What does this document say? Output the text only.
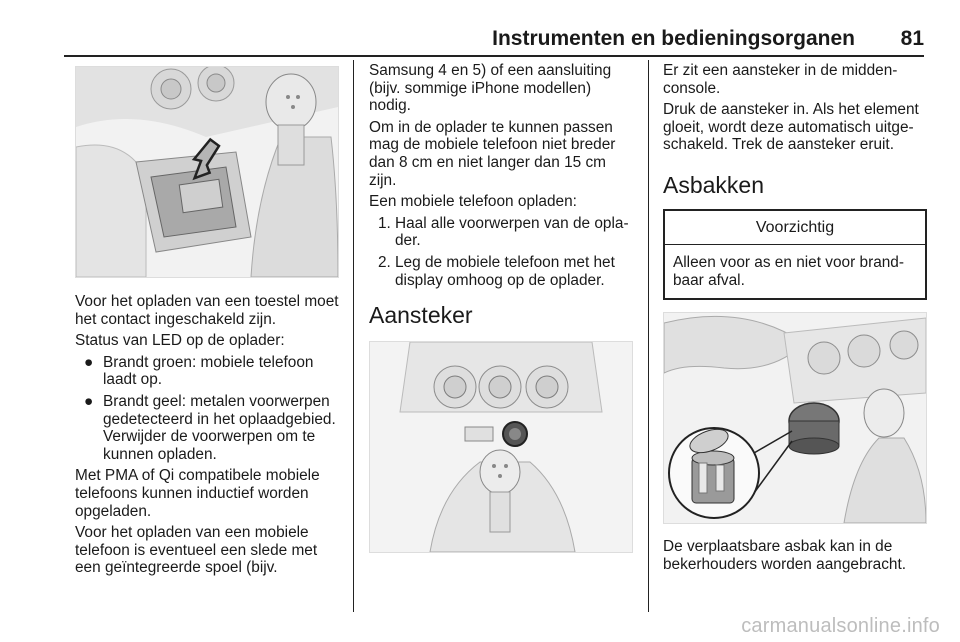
Instrumenten en bedieningsorganen 81

Voor het opladen van een toestel moet het contact ingeschakeld zijn.

Status van LED op de oplader:

● Brandt groen: mobiele telefoon laadt op.
● Brandt geel: metalen voorwerpen gedetecteerd in het oplaadgebied. Verwijder de voorwerpen om te kunnen opladen.

Met PMA of Qi compatibele mobiele telefoons kunnen inductief worden opgeladen.

Voor het opladen van een mobiele telefoon is eventueel een slede met een geïntegreerde spoel (bijv.

Samsung 4 en 5) of een aansluiting (bijv. sommige iPhone modellen) nodig.

Om in de oplader te kunnen passen mag de mobiele telefoon niet breder dan 8 cm en niet langer dan 15 cm zijn.

Een mobiele telefoon opladen:

1. Haal alle voorwerpen van de oplader.
2. Leg de mobiele telefoon met het display omhoog op de oplader.
Aansteker

Er zit een aansteker in de middenconsole.

Druk de aansteker in. Als het element gloeit, wordt deze automatisch uitgeschakeld. Trek de aansteker eruit.

Asbakken
Voorzichtig
Alleen voor as en niet voor brandbaar afval.

De verplaatsbare asbak kan in de bekerhouders worden aangebracht.

carmanualsonline.info
